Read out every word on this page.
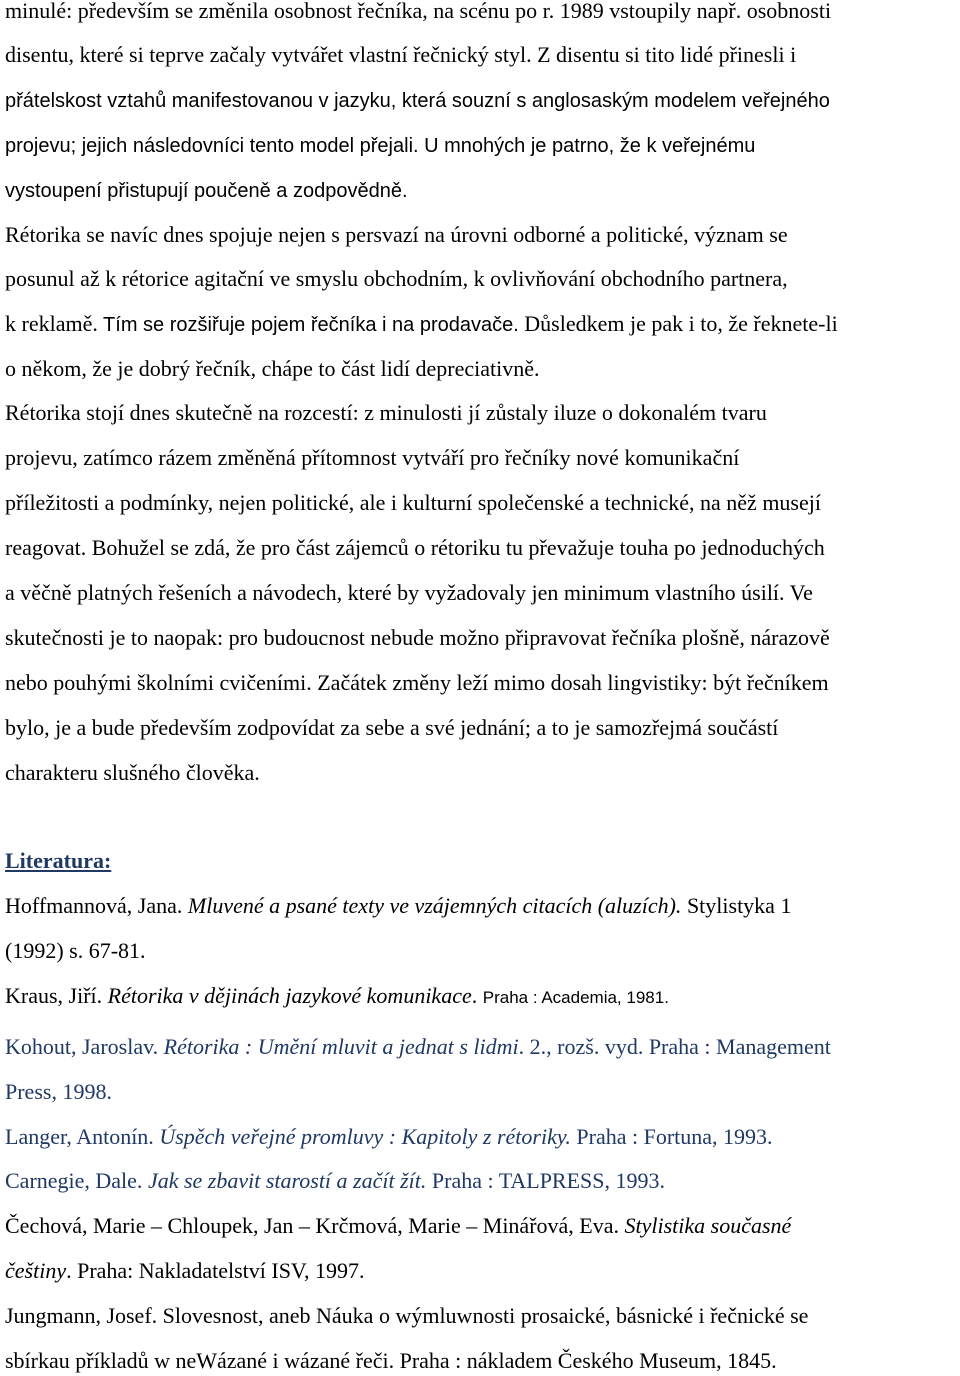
minulé: především se změnila osobnost řečníka, na scénu po r. 1989 vstoupily např. osobnosti
disentu, které si teprve začaly vytvářet vlastní řečnický styl. Z disentu si tito lidé přinesli i
přátelskost vztahů manifestovanou v jazyku, která souzní s anglosaským modelem veřejného
projevu; jejich následovníci tento model přejali. U mnohých je patrno, že k veřejnému
vystoupení přistupují poučeně a zodpovědně.
Rétorika se navíc dnes spojuje nejen s persvazí na úrovni odborné a politické, význam se
posunul až k rétorice agitační ve smyslu obchodním, k ovlivňování obchodního partnera,
k reklamě. Tím se rozšiřuje pojem řečníka i na prodavače. Důsledkem je pak i to, že řeknete-li
o někom, že je dobrý řečník, chápe to část lidí depreciativně.
Rétorika stojí dnes skutečně na rozcestí: z minulosti jí zůstaly iluze o dokonalém tvaru
projevu, zatímco rázem změněná přítomnost vytváří pro řečníky nové komunikační
příležitosti a podmínky, nejen politické, ale i kulturní společenské a technické, na něž musejí
reagovat. Bohužel se zdá, že pro část zájemců o rétoriku tu převažuje touha po jednoduchých
a věčně platných řešeních a návodech, které by vyžadovaly jen minimum vlastního úsilí. Ve
skutečnosti je to naopak: pro budoucnost nebude možno připravovat řečníka plošně, nárazově
nebo pouhými školními cvičeními. Začátek změny leží mimo dosah lingvistiky: být řečníkem
bylo, je a bude především zodpovídat za sebe a své jednání; a to je samozřejmá součástí
charakteru slušného člověka.
Literatura:
Hoffmannová, Jana. Mluvené a psané texty ve vzájemných citacích (aluzích). Stylistyka 1
(1992) s. 67-81.
Kraus, Jiří. Rétorika v dějinách jazykové komunikace. Praha : Academia, 1981.
Kohout, Jaroslav. Rétorika : Umění mluvit a jednat s lidmi. 2., rozš. vyd. Praha : Management
Press, 1998.
Langer, Antonín. Úspěch veřejné promluvy : Kapitoly z rétoriky. Praha : Fortuna, 1993.
Carnegie, Dale. Jak se zbavit starostí a začít žít. Praha : TALPRESS, 1993.
Čechová, Marie – Chloupek, Jan – Krčmová, Marie – Minářová, Eva. Stylistika současné
češtiny. Praha: Nakladatelství ISV, 1997.
Jungmann, Josef. Slovesnost, aneb Náuka o wýmluwnosti prosaické, básnické i řečnické se
sbírkau příkladů w neWázané i wázané řeči. Praha : nákladem Českého Museum, 1845.
